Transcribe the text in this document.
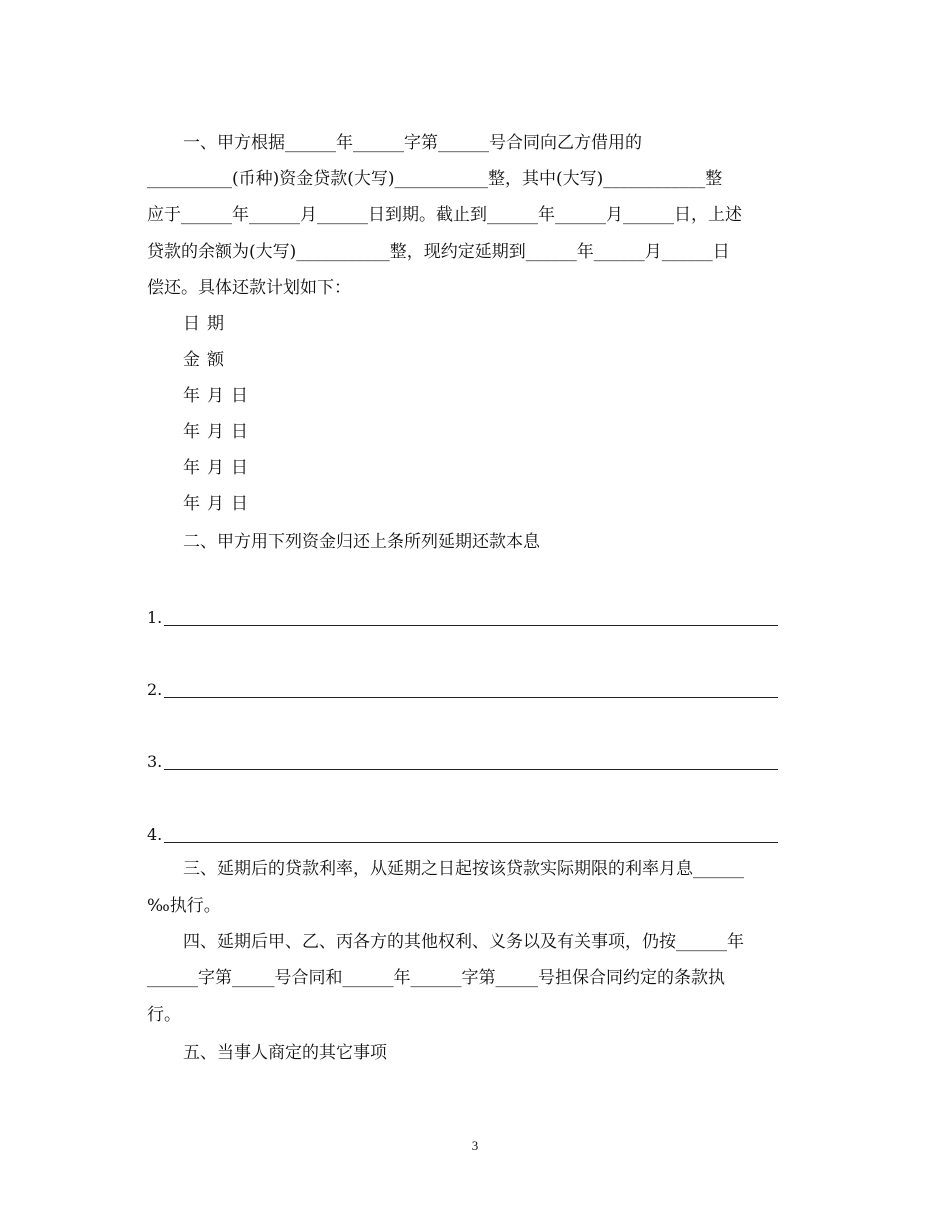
一、甲方根据______年______字第______号合同向乙方借用的
__________(币种)资金贷款(大写)___________整，其中(大写)____________整
应于______年______月______日到期。截止到______年______月______日，上述
贷款的余额为(大写)___________整，现约定延期到______年______月______日
偿还。具体还款计划如下：
日期
金额
年月日
年月日
年月日
年月日
二、甲方用下列资金归还上条所列延期还款本息
1.
2.
3.
4.
三、延期后的贷款利率，从延期之日起按该贷款实际期限的利率月息______
‰执行。
四、延期后甲、乙、丙各方的其他权利、义务以及有关事项，仍按______年
______字第_____号合同和______年______字第_____号担保合同约定的条款执
行。
五、当事人商定的其它事项
3
